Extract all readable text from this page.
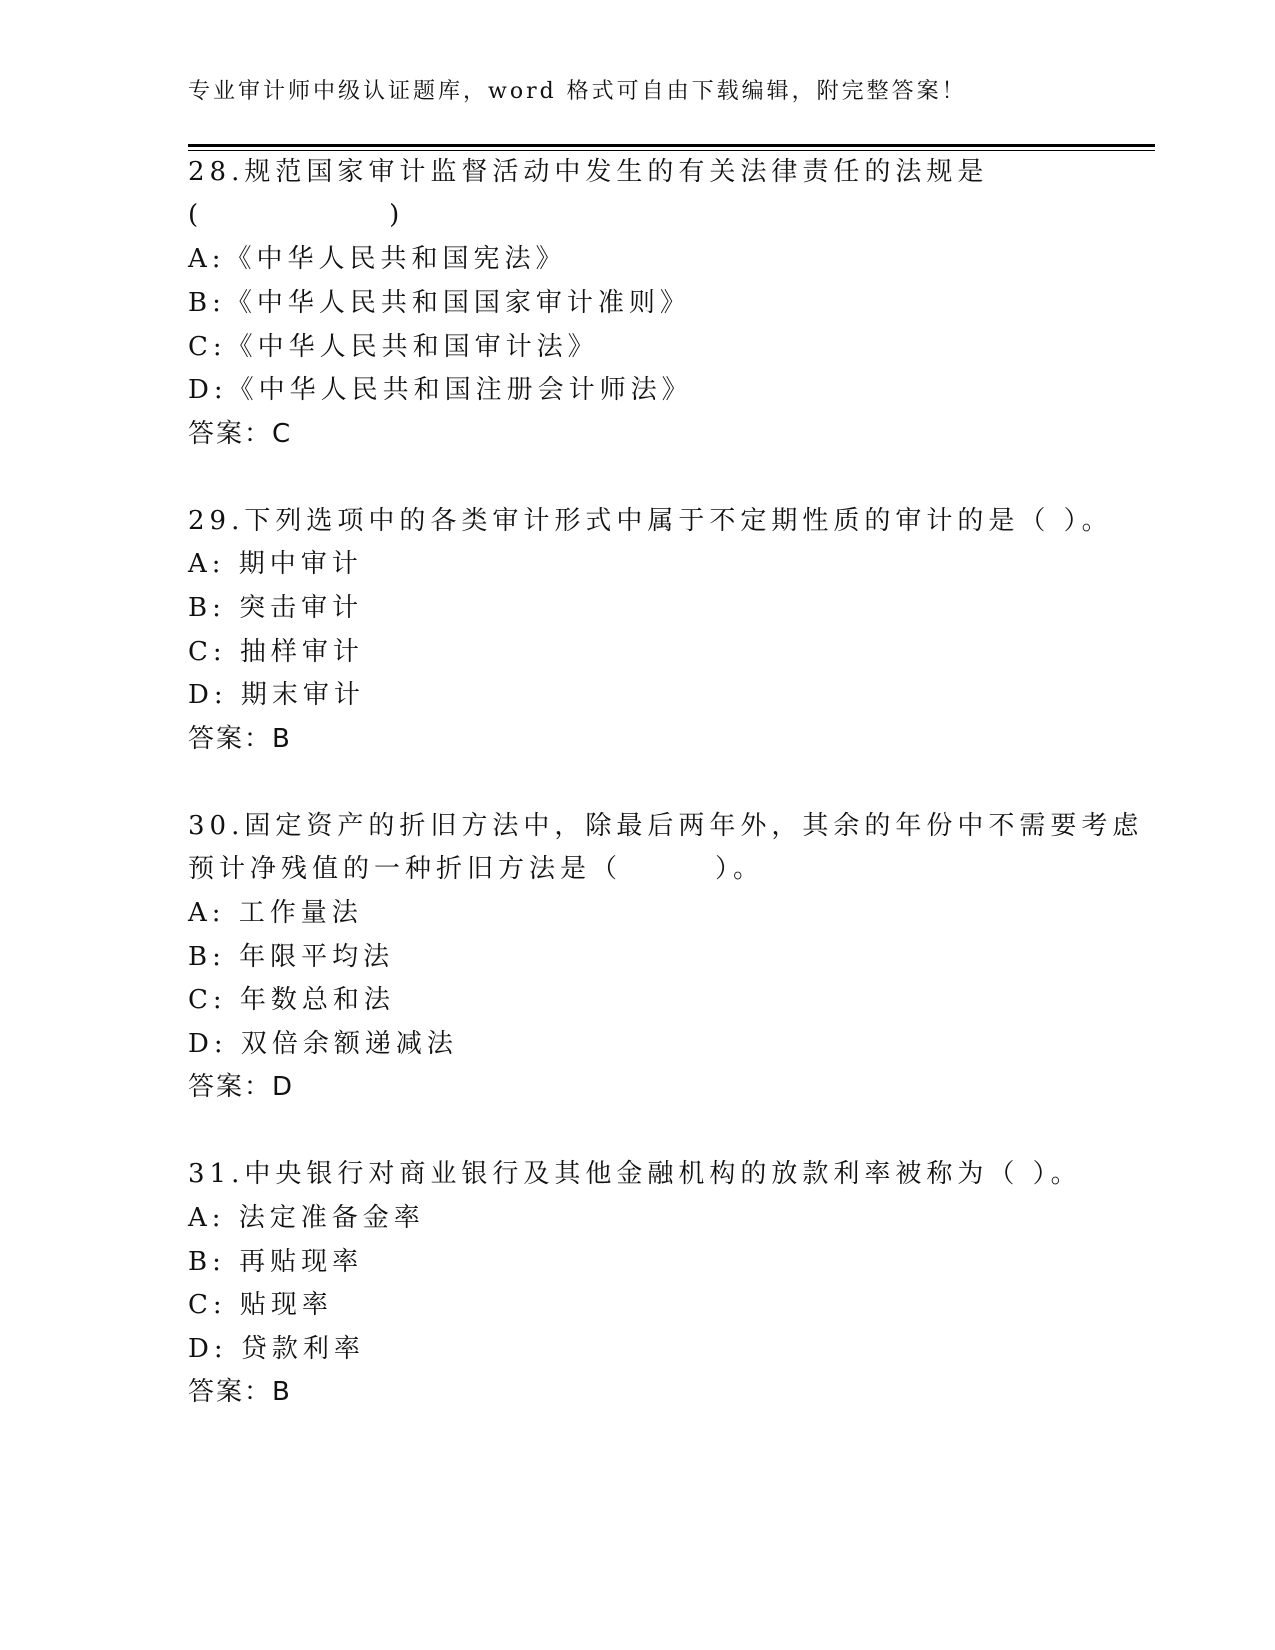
专业审计师中级认证题库，word 格式可自由下载编辑，附完整答案！
28.规范国家审计监督活动中发生的有关法律责任的法规是
(　　　　　　)
A:《中华人民共和国宪法》
B:《中华人民共和国国家审计准则》
C:《中华人民共和国审计法》
D:《中华人民共和国注册会计师法》
答案：C
29.下列选项中的各类审计形式中属于不定期性质的审计的是（ ）。
A: 期中审计
B: 突击审计
C: 抽样审计
D: 期末审计
答案：B
30.固定资产的折旧方法中，除最后两年外，其余的年份中不需要考虑
预计净残值的一种折旧方法是（　　　）。
A: 工作量法
B: 年限平均法
C: 年数总和法
D: 双倍余额递减法
答案：D
31.中央银行对商业银行及其他金融机构的放款利率被称为（ ）。
A: 法定准备金率
B: 再贴现率
C: 贴现率
D: 贷款利率
答案：B
